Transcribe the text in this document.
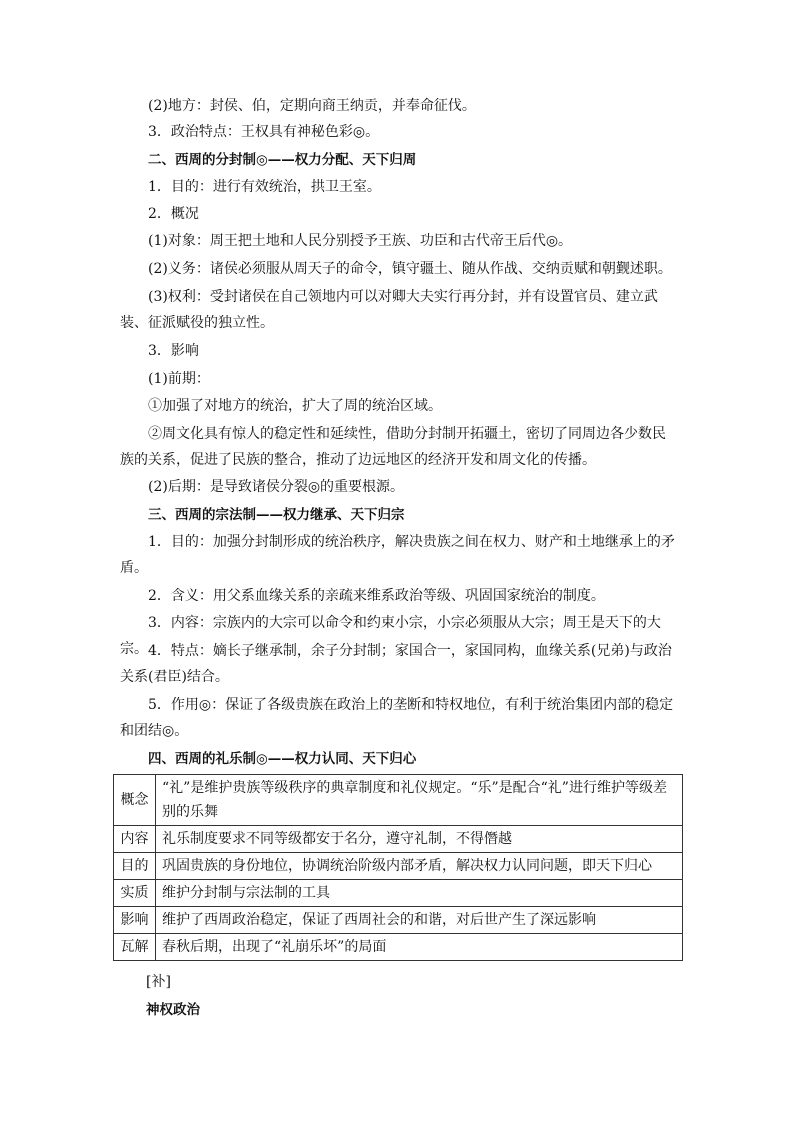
(2)地方：封侯、伯，定期向商王纳贡，并奉命征伐。
3．政治特点：王权具有神秘色彩◎。
二、西周的分封制◎——权力分配、天下归周
1．目的：进行有效统治，拱卫王室。
2．概况
(1)对象：周王把土地和人民分别授予王族、功臣和古代帝王后代◎。
(2)义务：诸侯必须服从周天子的命令，镇守疆土、随从作战、交纳贡赋和朝觐述职。
(3)权利：受封诸侯在自己领地内可以对卿大夫实行再分封，并有设置官员、建立武装、征派赋役的独立性。
3．影响
(1)前期：
①加强了对地方的统治，扩大了周的统治区域。
②周文化具有惊人的稳定性和延续性，借助分封制开拓疆土，密切了同周边各少数民族的关系，促进了民族的整合，推动了边远地区的经济开发和周文化的传播。
(2)后期：是导致诸侯分裂◎的重要根源。
三、西周的宗法制——权力继承、天下归宗
1．目的：加强分封制形成的统治秩序，解决贵族之间在权力、财产和土地继承上的矛盾。
2．含义：用父系血缘关系的亲疏来维系政治等级、巩固国家统治的制度。
3．内容：宗族内的大宗可以命令和约束小宗，小宗必须服从大宗；周王是天下的大宗。 4．特点：嫡长子继承制，余子分封制；家国合一，家国同构，血缘关系(兄弟)与政治关系(君臣)结合。
5．作用◎：保证了各级贵族在政治上的垄断和特权地位，有利于统治集团内部的稳定和团结◎。
四、西周的礼乐制◎——权力认同、天下归心
概念	“礼”是维护贵族等级秩序的典章制度和礼仪规定。“乐”是配合“礼”进行维护等级差别的乐舞
内容	礼乐制度要求不同等级都安于名分，遵守礼制，不得僭越
目的	巩固贵族的身份地位，协调统治阶级内部矛盾，解决权力认同问题，即天下归心
实质	维护分封制与宗法制的工具
影响	维护了西周政治稳定，保证了西周社会的和谐，对后世产生了深远影响
瓦解	春秋后期，出现了“礼崩乐坏”的局面
[补]
神权政治
